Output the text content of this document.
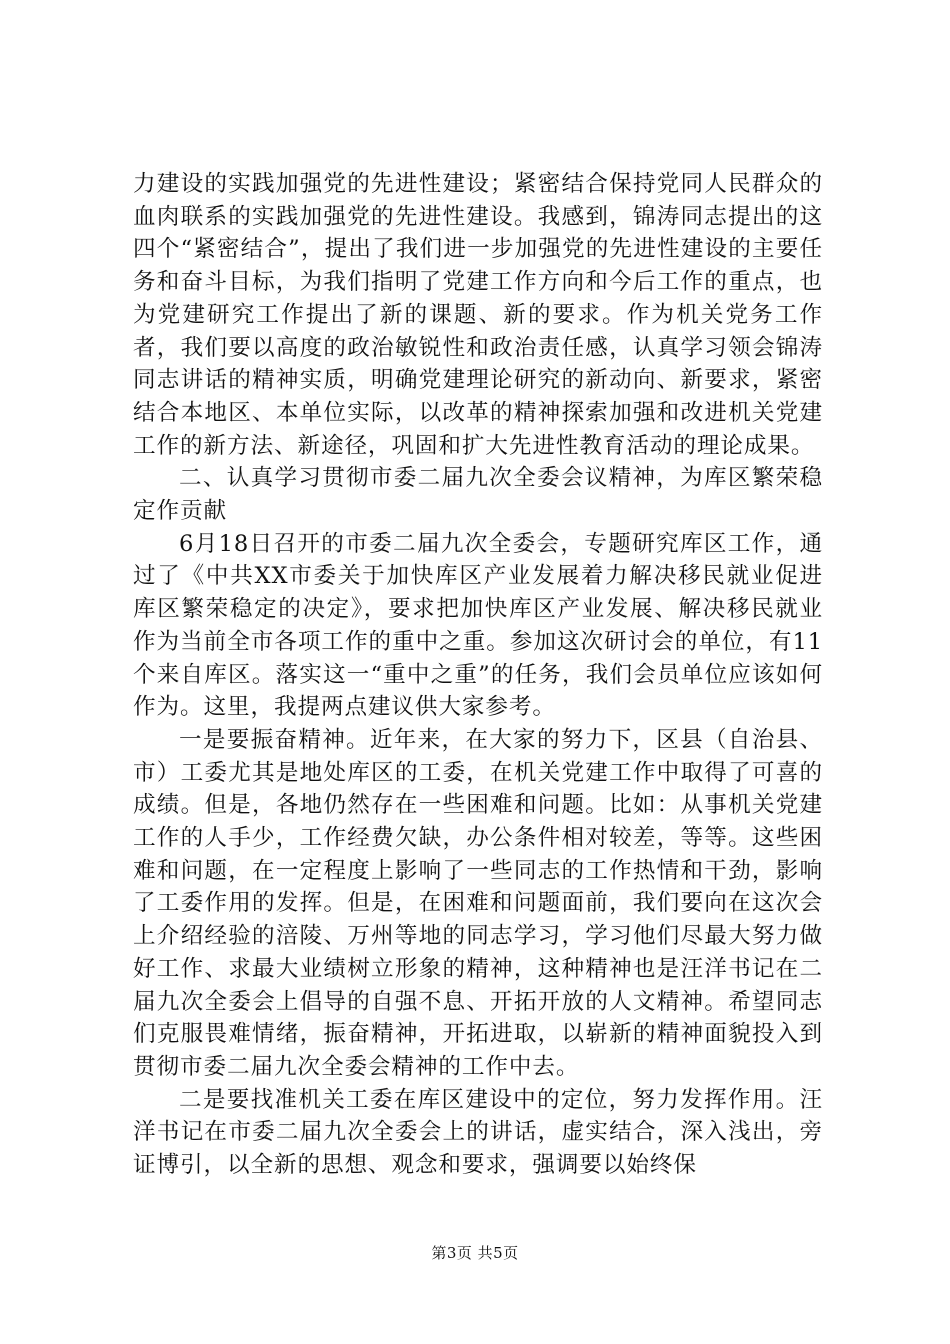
力建设的实践加强党的先进性建设；紧密结合保持党同人民群众的血肉联系的实践加强党的先进性建设。我感到，锦涛同志提出的这四个“紧密结合”，提出了我们进一步加强党的先进性建设的主要任务和奋斗目标，为我们指明了党建工作方向和今后工作的重点，也为党建研究工作提出了新的课题、新的要求。作为机关党务工作者，我们要以高度的政治敏锐性和政治责任感，认真学习领会锦涛同志讲话的精神实质，明确党建理论研究的新动向、新要求，紧密结合本地区、本单位实际，以改革的精神探索加强和改进机关党建工作的新方法、新途径，巩固和扩大先进性教育活动的理论成果。

二、认真学习贯彻市委二届九次全委会议精神，为库区繁荣稳定作贡献

6月18日召开的市委二届九次全委会，专题研究库区工作，通过了《中共XX市委关于加快库区产业发展着力解决移民就业促进库区繁荣稳定的决定》，要求把加快库区产业发展、解决移民就业作为当前全市各项工作的重中之重。参加这次研讨会的单位，有11个来自库区。落实这一“重中之重”的任务，我们会员单位应该如何作为。这里，我提两点建议供大家参考。

一是要振奋精神。近年来，在大家的努力下，区县（自治县、市）工委尤其是地处库区的工委，在机关党建工作中取得了可喜的成绩。但是，各地仍然存在一些困难和问题。比如：从事机关党建工作的人手少，工作经费欠缺，办公条件相对较差，等等。这些困难和问题，在一定程度上影响了一些同志的工作热情和干劲，影响了工委作用的发挥。但是，在困难和问题面前，我们要向在这次会上介绍经验的涪陵、万州等地的同志学习，学习他们尽最大努力做好工作、求最大业绩树立形象的精神，这种精神也是汪洋书记在二届九次全委会上倡导的自强不息、开拓开放的人文精神。希望同志们克服畏难情绪，振奋精神，开拓进取，以崭新的精神面貌投入到贯彻市委二届九次全委会精神的工作中去。

二是要找准机关工委在库区建设中的定位，努力发挥作用。汪洋书记在市委二届九次全委会上的讲话，虚实结合，深入浅出，旁证博引，以全新的思想、观念和要求，强调要以始终保

第3页 共5页
